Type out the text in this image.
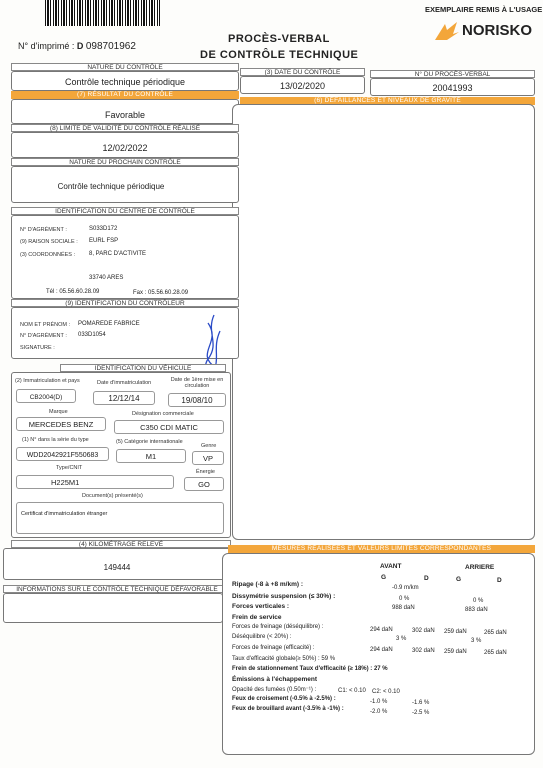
N° d'imprimé : D 098701962
PROCÈS-VERBAL
DE CONTRÔLE TECHNIQUE
EXEMPLAIRE REMIS À L'USAGE
NORISKO
NATURE DU CONTRÔLE
Contrôle technique périodique
(3) DATE DU CONTRÔLE
13/02/2020
N° DU PROCÈS-VERBAL
20041993
(7) RÉSULTAT DU CONTRÔLE
Favorable
(6) DÉFAILLANCES ET NIVEAUX DE GRAVITÉ
(8) LIMITE DE VALIDITÉ DU CONTRÔLE RÉALISÉ
12/02/2022
NATURE DU PROCHAIN CONTRÔLE
Contrôle technique périodique
IDENTIFICATION DU CENTRE DE CONTRÔLE
N° D'AGRÉMENT :	S033D172
(9) RAISON SOCIALE : EURL FSP
(3) COORDONNÉES : 8, PARC D'ACTIVITE
33740 ARES
Tél : 05.56.60.28.09	Fax : 05.56.60.28.09
(9) IDENTIFICATION DU CONTRÔLEUR
NOM ET PRÉNOM : POMAREDE FABRICE
N° D'AGRÉMENT : 033D1054
SIGNATURE :
IDENTIFICATION DU VÉHICULE
(2) Immatriculation et pays
CB2004(D)
Date d'immatriculation
12/12/14
Date de 1ère mise en circulation
19/08/10
Marque
MERCEDES BENZ
Désignation commerciale
C350 CDI MATIC
(1) N° dans la série du type
WDD2042921F550683
(5) Catégorie internationale
M1
Genre
VP
Type/CNIT
H225M1
Énergie
GO
Document(s) présenté(s)
Certificat d'immatriculation étranger
(4) KILOMÉTRAGE RELEVÉ
149444
INFORMATIONS SUR LE CONTRÔLE TECHNIQUE DÉFAVORABLE
MESURES RÉALISÉES ET VALEURS LIMITES CORRESPONDANTES
AVANT	ARRIERE
G	D	G	D
Ripage (-8 à +8 m/km) :	-0.9 m/km
Dissymétrie suspension (≤ 30%) :	0 %	0 %
Forces verticales :	988 daN	883 daN
Frein de service
Forces de freinage (déséquilibre) :	294 daN	302 daN 259 daN	265 daN
Déséquilibre (< 20%) :	3 %	3 %
Forces de freinage (efficacité) :	294 daN	302 daN 259 daN	265 daN
Taux d'efficacité globale(≥ 50%) : 59 %
Frein de stationnement Taux d'efficacité (≥ 18%) : 27 %
Émissions à l'échappement
Opacité des fumées (0.50m⁻¹) :	C1: < 0.10 C2: < 0.10
Feux de croisement (-0.5% à -2.5%) :	-1.0 %	-1.6 %
Feux de brouillard avant (-3.5% à -1%) :	-2.0 %	-2.5 %
